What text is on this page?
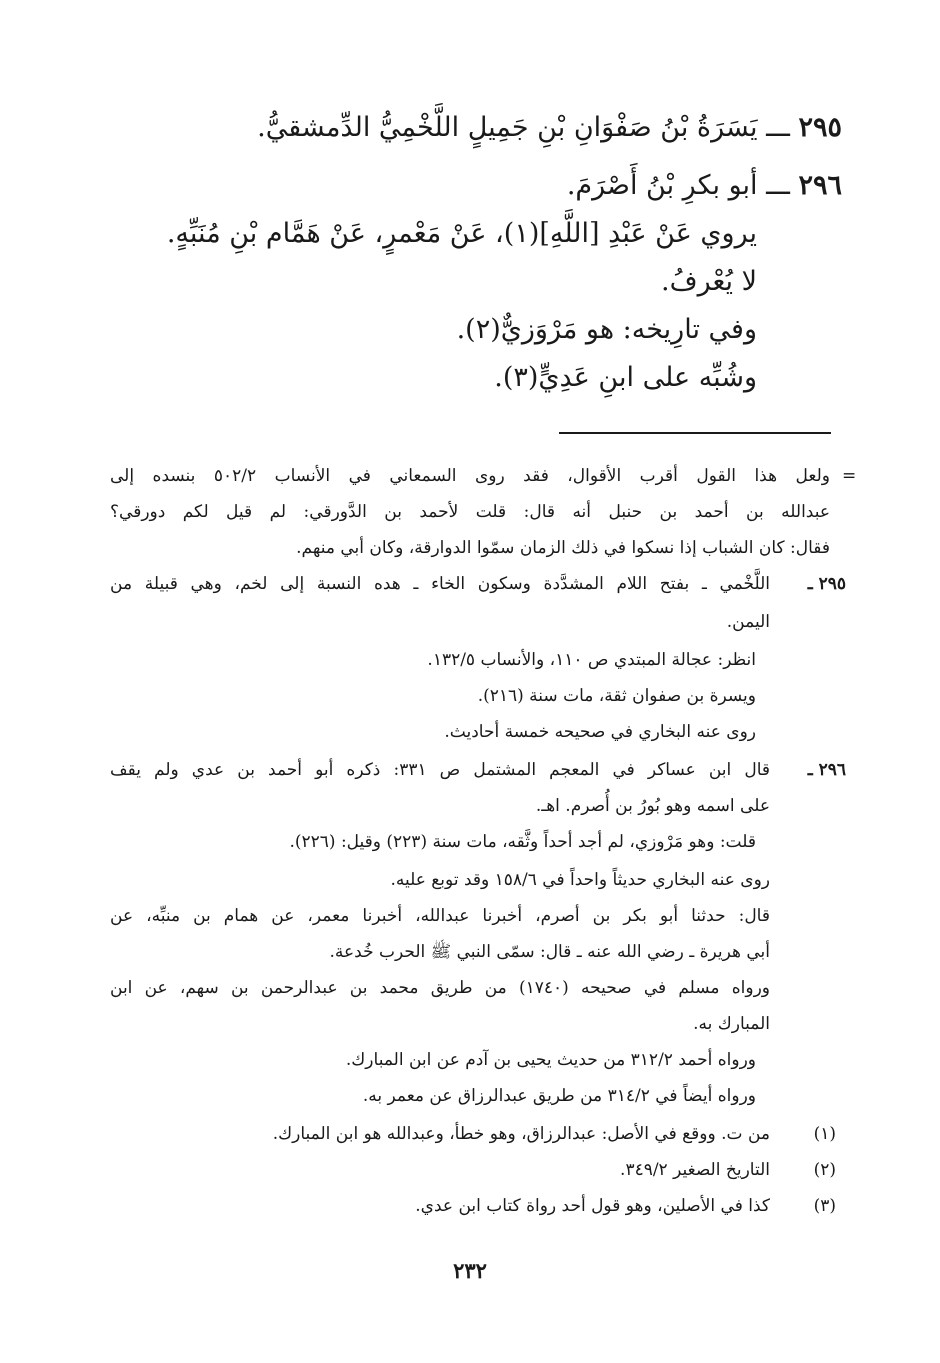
٢٩٥ ـــ يَسَرَةُ بْنُ صَفْوَانِ بْنِ جَمِيلٍ اللَّخْمِيُّ الدِّمشقيُّ.
٢٩٦ ـــ أبو بكرِ بْنُ أَصْرَمَ.
يروي عَنْ عَبْدِ [اللَّهِ](١)، عَنْ مَعْمرٍ، عَنْ هَمَّام بْنِ مُنَبِّهٍ.
لا يُعْرفُ.
وفي تارِيخه: هو مَرْوَزيٌّ(٢).
وشُبِّه على ابنِ عَدِيٍّ(٣).
=
ولعل هذا القول أقرب الأقوال، فقد روى السمعاني في الأنساب ٥٠٢/٢ بنسده إلى
عبدالله بن أحمد بن حنبل أنه قال: قلت لأحمد بن الدَّورقي: لم قيل لكم دورقي؟
فقال: كان الشباب إذا نسكوا في ذلك الزمان سمّوا الدوارقة، وكان أبي منهم.
٢٩٥ ـ
اللَّخْمي ـ بفتح اللام المشدَّدة وسكون الخاء ـ هده النسبة إلى لخم، وهي قبيلة من
اليمن.
انظر: عجالة المبتدي ص ١١٠، والأنساب ١٣٢/٥.
ويسرة بن صفوان ثقة، مات سنة (٢١٦).
روى عنه البخاري في صحيحه خمسة أحاديث.
٢٩٦ ـ
قال ابن عساكر في المعجم المشتمل ص ٣٣١: ذكره أبو أحمد بن عدي ولم يقف
على اسمه وهو بُورُ بن أُصرم. اهـ.
قلت: وهو مَرْوزي، لم أجد أحداً وثَّقه، مات سنة (٢٢٣) وقيل: (٢٢٦).
روى عنه البخاري حديثاً واحداً في ١٥٨/٦ وقد توبع عليه.
قال: حدثنا أبو بكر بن أصرم، أخبرنا عبدالله، أخبرنا معمر، عن همام بن منبِّه، عن
أبي هريرة ـ رضي الله عنه ـ قال: سمّى النبي ﷺ الحرب خُدعة.
ورواه مسلم في صحيحه (١٧٤٠) من طريق محمد بن عبدالرحمن بن سهم، عن ابن
المبارك به.
ورواه أحمد ٣١٢/٢ من حديث يحيى بن آدم عن ابن المبارك.
ورواه أيضاً في ٣١٤/٢ من طريق عبدالرزاق عن معمر به.
(١)
من ت. ووقع في الأصل: عبدالرزاق، وهو خطأ، وعبدالله هو ابن المبارك.
(٢)
التاريخ الصغير ٣٤٩/٢.
(٣)
كذا في الأصلين، وهو قول أحد رواة كتاب ابن عدي.
٢٣٢
